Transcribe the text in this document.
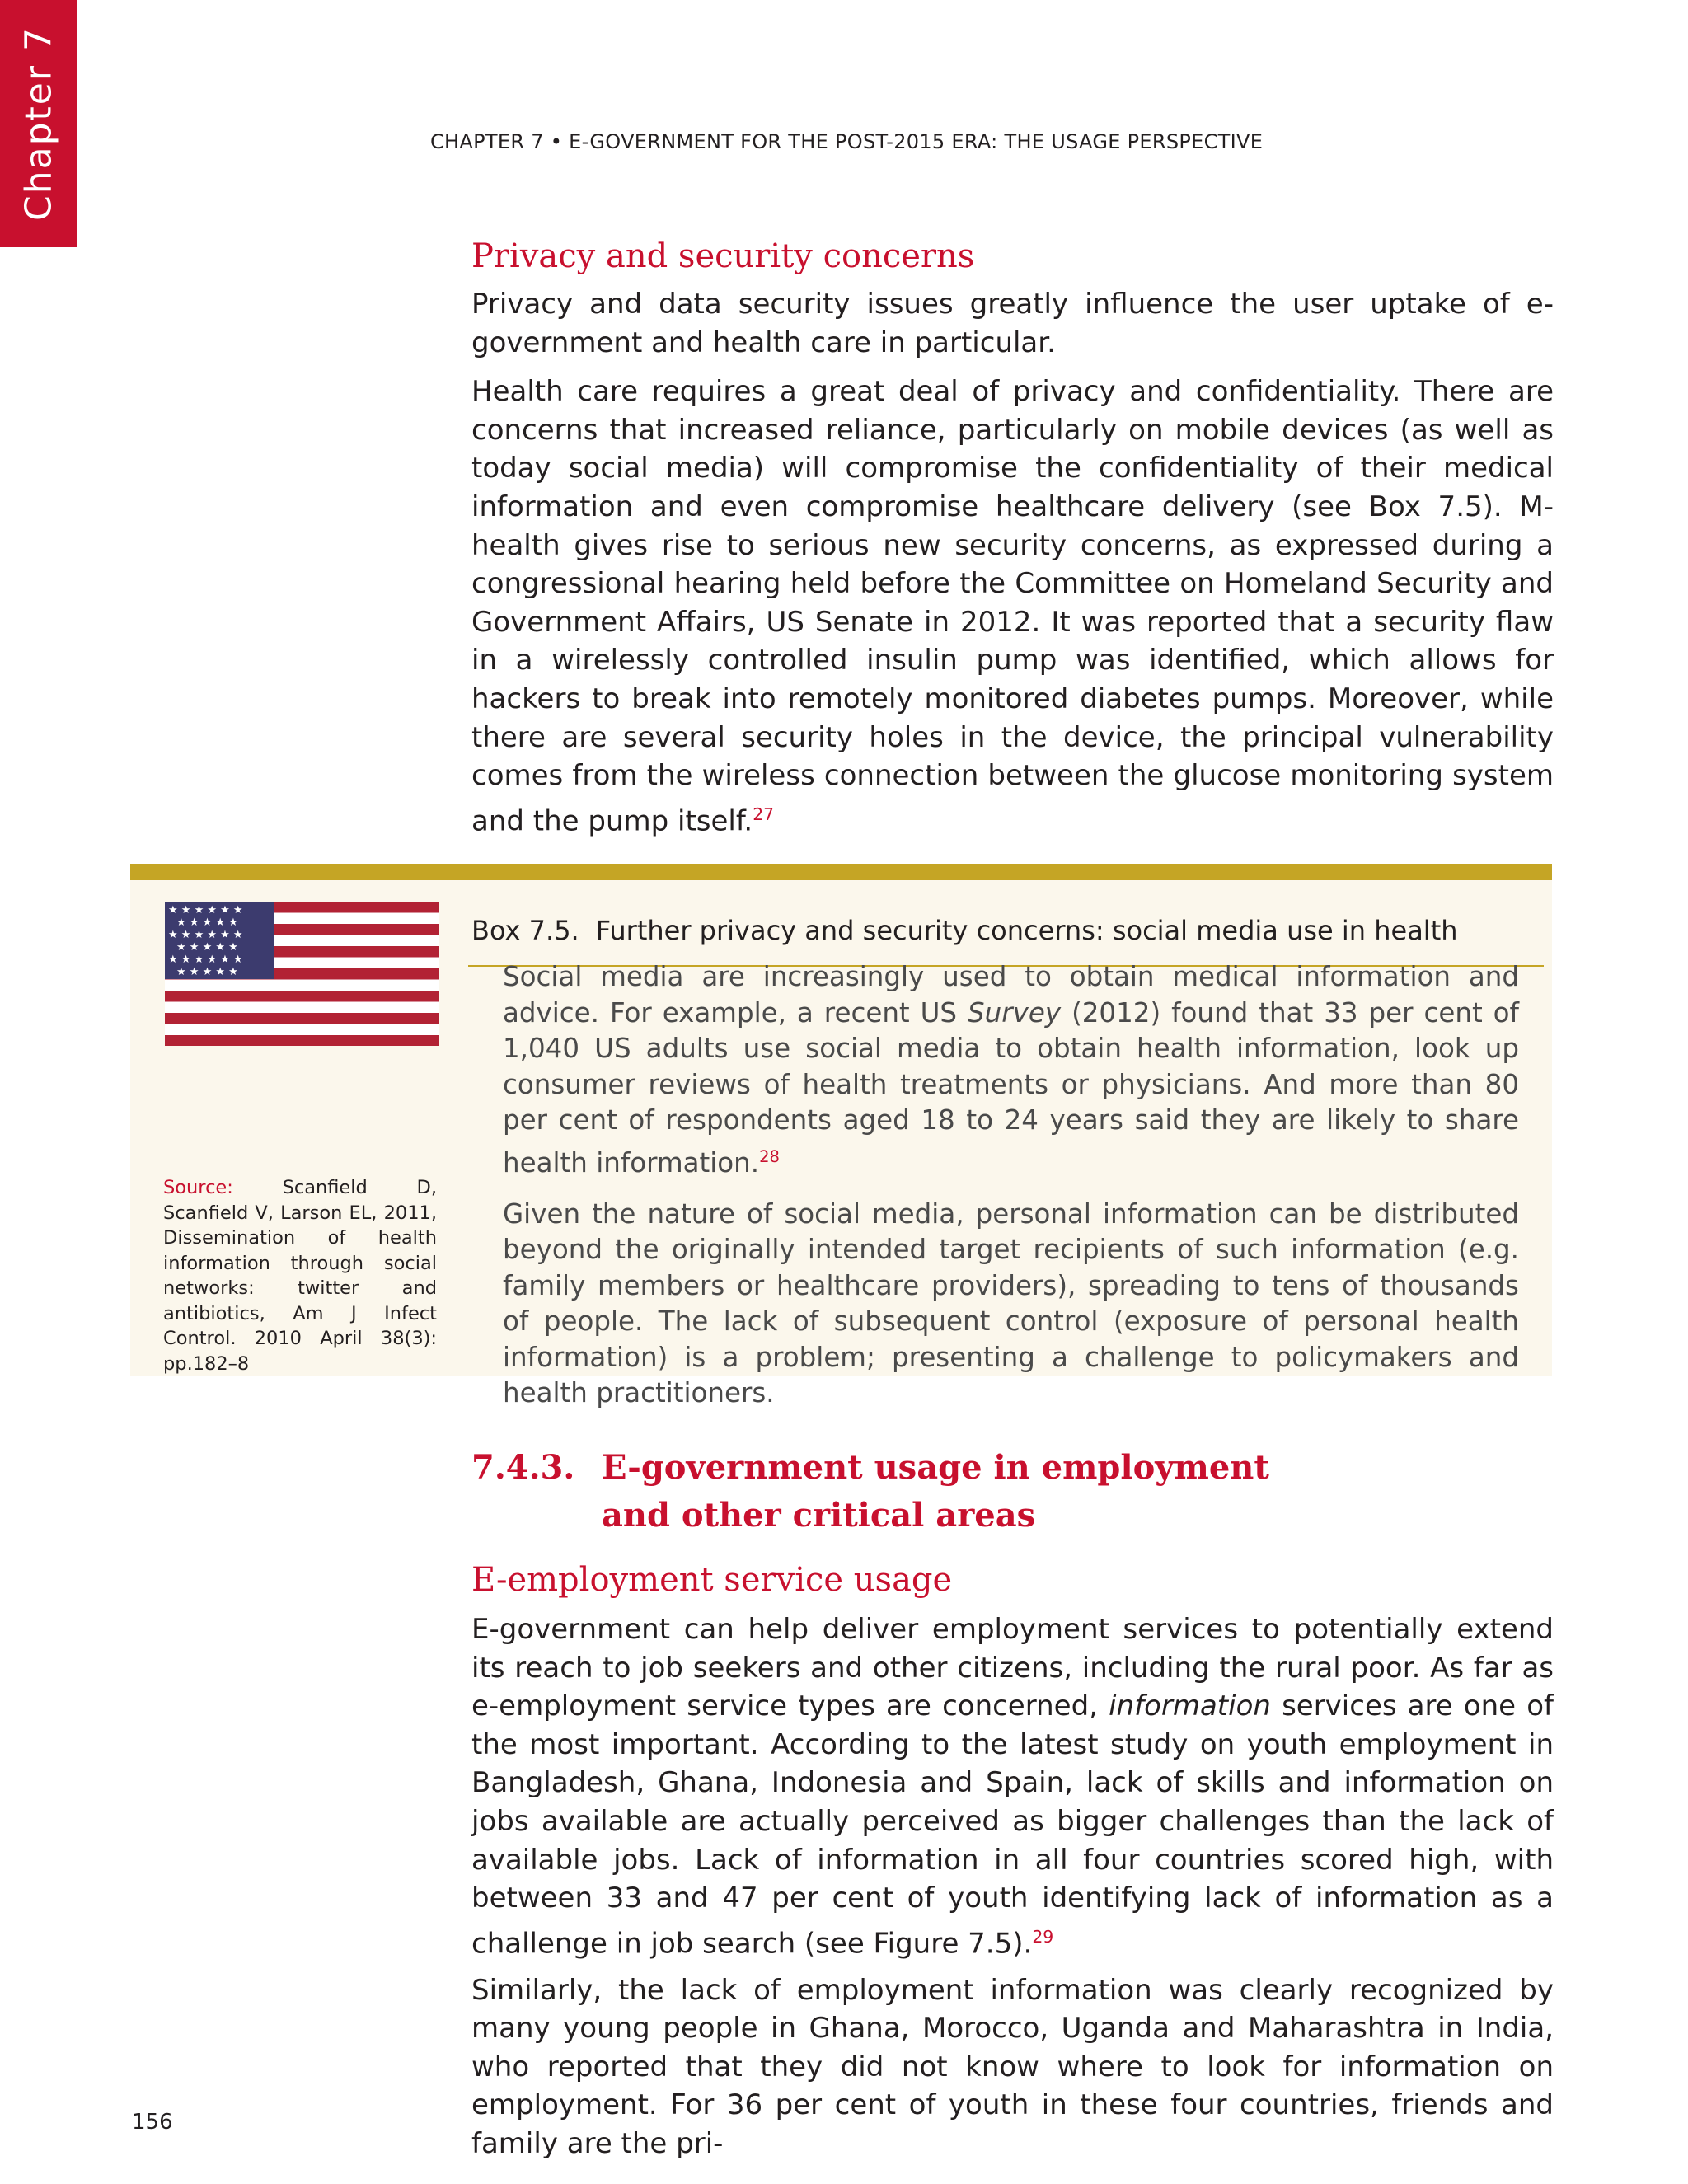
Chapter 7	CHAPTER 7 • E-GOVERNMENT FOR THE POST-2015 ERA: THE USAGE PERSPECTIVE

Privacy and security concerns

Privacy and data security issues greatly influence the user uptake of e-government and health care in particular.

Health care requires a great deal of privacy and confidentiality. There are concerns that increased reliance, particularly on mobile devices (as well as today social media) will compromise the confidentiality of their medical information and even compromise healthcare delivery (see Box 7.5). M-health gives rise to serious new security concerns, as expressed during a congressional hearing held before the Committee on Homeland Security and Government Affairs, US Senate in 2012. It was reported that a security flaw in a wirelessly controlled insulin pump was identified, which allows for hackers to break into remotely monitored diabetes pumps. Moreover, while there are several security holes in the device, the principal vulnerability comes from the wireless connection between the glucose monitoring system and the pump itself.$^{27}$

★ ★ ★ ★ ★ ★
★ ★ ★ ★ ★
★ ★ ★ ★ ★ ★
★ ★ ★ ★ ★
★ ★ ★ ★ ★ ★
★ ★ ★ ★ ★

Source:	Scanfield D, Scanfield V, Larson EL, 2011, Dissemination of health information through social networks: twitter and antibiotics, Am J Infect Control. 2010 April 38(3): pp.182–8

Box 7.5. Further privacy and security concerns: social media use in health

Social media are increasingly used to obtain medical information and advice. For example, a recent US Survey (2012) found that 33 per cent of 1,040 US adults use social media to obtain health information, look up consumer reviews of health treatments or physicians. And more than 80 per cent of respondents aged 18 to 24 years said they are likely to share health information.$^{28}$

Given the nature of social media, personal information can be distributed beyond the originally intended target recipients of such information (e.g. family members or healthcare providers), spreading to tens of thousands of people. The lack of subsequent control (exposure of personal health information) is a problem; presenting a challenge to policymakers and health practitioners.

7.4.3. E-government usage in employment
and other critical areas
E-employment service usage

E-government can help deliver employment services to potentially extend its reach to job seekers and other citizens, including the rural poor. As far as e-employment service types are concerned, information services are one of the most important. According to the latest study on youth employment in Bangladesh, Ghana, Indonesia and Spain, lack of skills and information on jobs available are actually perceived as bigger challenges than the lack of available jobs. Lack of information in all four countries scored high, with between 33 and 47 per cent of youth identifying lack of information as a challenge in job search (see Figure 7.5).$^{29}$

Similarly, the lack of employment information was clearly recognized by many young people in Ghana, Morocco, Uganda and Maharashtra in India, who reported that they did not know where to look for information on employment. For 36 per cent of youth in these four countries, friends and family are the pri-

156
